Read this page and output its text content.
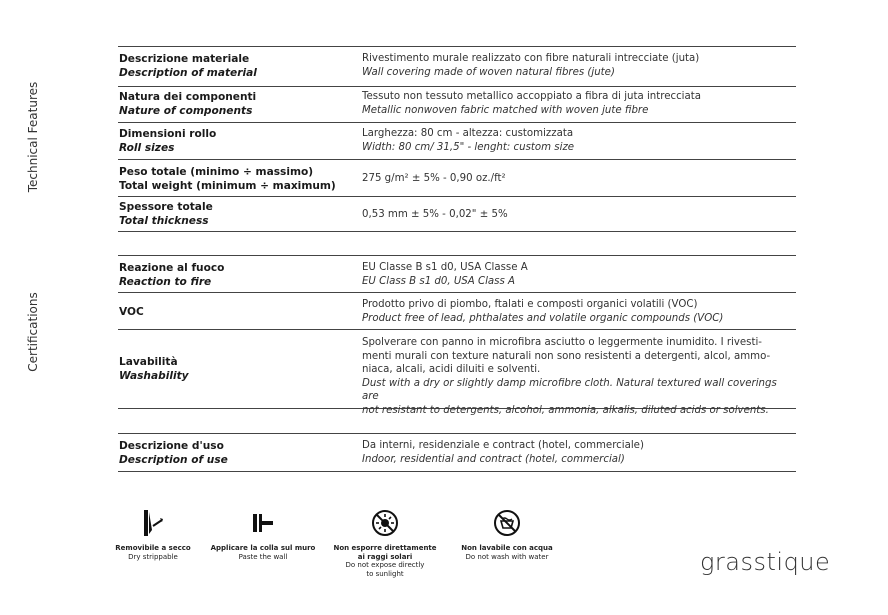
Technical Features
Certifications
Descrizione materiale
Description of material
Rivestimento murale realizzato con fibre naturali intrecciate (juta)
Wall covering made of woven natural fibres (jute)
Natura dei componenti
Nature of components
Tessuto non tessuto metallico accoppiato a fibra di juta intrecciata
Metallic nonwoven fabric matched with woven jute fibre
Dimensioni rollo
Roll sizes
Larghezza: 80 cm - altezza: customizzata
Width: 80 cm/ 31,5" - lenght: custom size
Peso totale (minimo ÷ massimo)
Total weight (minimum ÷ maximum)
275 g/m² ± 5% - 0,90 oz./ft²
Spessore totale
Total thickness
0,53 mm ± 5% - 0,02" ± 5%
Reazione al fuoco
Reaction to fire
EU Classe B s1 d0, USA Classe A
EU Class B s1 d0, USA Class A
VOC
Prodotto privo di piombo, ftalati e composti organici volatili (VOC)
Product free of lead, phthalates and volatile organic compounds (VOC)
Lavabilità
Washability
Spolverare con panno in microfibra asciutto o leggermente inumidito. I rivesti-
menti murali con texture naturali non sono resistenti a detergenti, alcol, ammo-
niaca, alcali, acidi diluiti e solventi.
Dust with a dry or slightly damp microfibre cloth. Natural textured wall coverings are
not resistant to detergents, alcohol, ammonia, alkalis, diluted acids or solvents.
Descrizione d'uso
Description of use
Da interni, residenziale e contract (hotel, commerciale)
Indoor, residential and contract (hotel, commercial)
Removibile a secco
Dry strippable
Applicare la colla sul muro
Paste the wall
Non esporre direttamente
ai raggi solari
Do not expose directly
to sunlight
Non lavabile con acqua
Do not wash with water	grasstique
